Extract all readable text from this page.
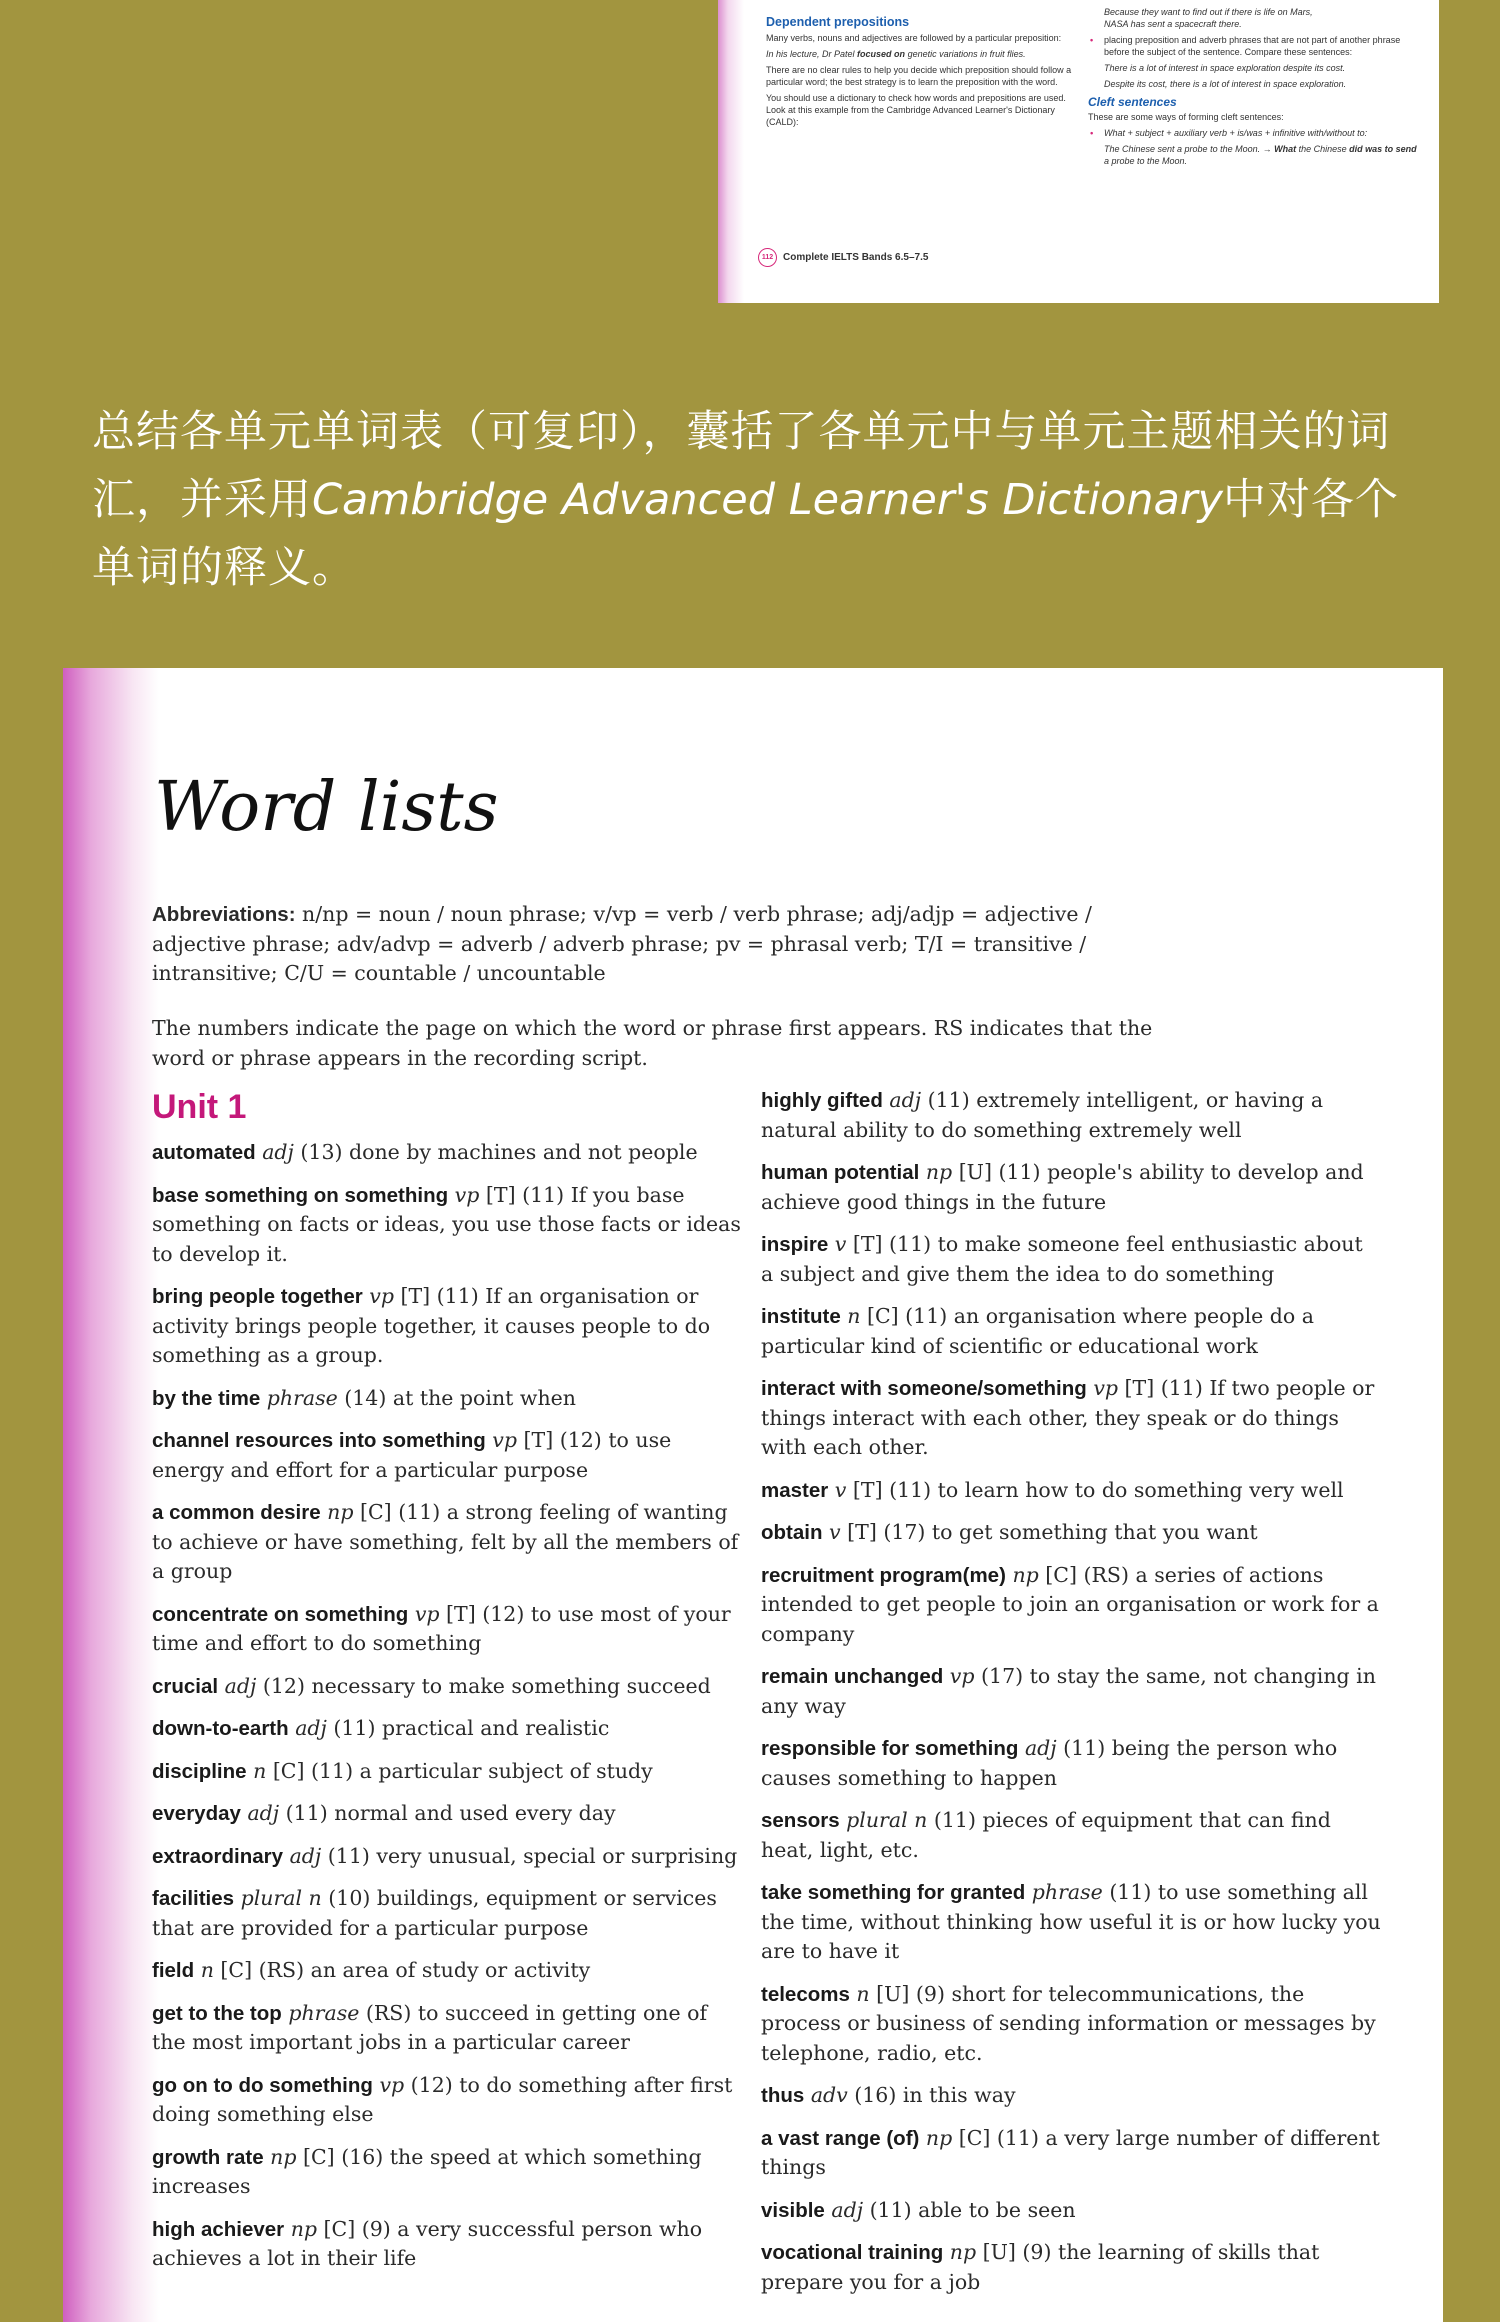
Dependent prepositions

Many verbs, nouns and adjectives are followed by a particular preposition:

In his lecture, Dr Patel focused on genetic variations in fruit flies.

There are no clear rules to help you decide which preposition should follow a particular word; the best strategy is to learn the preposition with the word.

You should use a dictionary to check how words and prepositions are used. Look at this example from the Cambridge Advanced Learner's Dictionary (CALD):

Because they want to find out if there is life on Mars,

NASA has sent a spacecraft there.

• placing preposition and adverb phrases that are not part of another phrase before the subject of the sentence. Compare these sentences:

There is a lot of interest in space exploration despite its cost.

Despite its cost, there is a lot of interest in space exploration.

Cleft sentences

These are some ways of forming cleft sentences:

• What + subject + auxiliary verb + is/was + infinitive with/without to:

The Chinese sent a probe to the Moon. → What the Chinese did was to send a probe to the Moon.

112 Complete IELTS Bands 6.5–7.5
总结各单元单词表（可复印），囊括了各单元中与单元主题相关的词汇，并采用Cambridge Advanced Learner's Dictionary中对各个单词的释义。
Word lists

Abbreviations: n/np = noun / noun phrase; v/vp = verb / verb phrase; adj/adjp = adjective / adjective phrase; adv/advp = adverb / adverb phrase; pv = phrasal verb; T/I = transitive / intransitive; C/U = countable / uncountable

The numbers indicate the page on which the word or phrase first appears. RS indicates that the word or phrase appears in the recording script.

Unit 1

automated adj (13) done by machines and not people

base something on something vp [T] (11) If you base something on facts or ideas, you use those facts or ideas to develop it.

bring people together vp [T] (11) If an organisation or activity brings people together, it causes people to do something as a group.

by the time phrase (14) at the point when

channel resources into something vp [T] (12) to use energy and effort for a particular purpose

a common desire np [C] (11) a strong feeling of wanting to achieve or have something, felt by all the members of a group

concentrate on something vp [T] (12) to use most of your time and effort to do something

crucial adj (12) necessary to make something succeed

down-to-earth adj (11) practical and realistic

discipline n [C] (11) a particular subject of study

everyday adj (11) normal and used every day

extraordinary adj (11) very unusual, special or surprising

facilities plural n (10) buildings, equipment or services that are provided for a particular purpose

field n [C] (RS) an area of study or activity

get to the top phrase (RS) to succeed in getting one of the most important jobs in a particular career

go on to do something vp (12) to do something after first doing something else

growth rate np [C] (16) the speed at which something increases

high achiever np [C] (9) a very successful person who achieves a lot in their life

highly gifted adj (11) extremely intelligent, or having a natural ability to do something extremely well

human potential np [U] (11) people's ability to develop and achieve good things in the future

inspire v [T] (11) to make someone feel enthusiastic about a subject and give them the idea to do something

institute n [C] (11) an organisation where people do a particular kind of scientific or educational work

interact with someone/something vp [T] (11) If two people or things interact with each other, they speak or do things with each other.

master v [T] (11) to learn how to do something very well

obtain v [T] (17) to get something that you want

recruitment program(me) np [C] (RS) a series of actions intended to get people to join an organisation or work for a company

remain unchanged vp (17) to stay the same, not changing in any way

responsible for something adj (11) being the person who causes something to happen

sensors plural n (11) pieces of equipment that can find heat, light, etc.

take something for granted phrase (11) to use something all the time, without thinking how useful it is or how lucky you are to have it

telecoms n [U] (9) short for telecommunications, the process or business of sending information or messages by telephone, radio, etc.

thus adv (16) in this way

a vast range (of) np [C] (11) a very large number of different things

visible adj (11) able to be seen

vocational training np [U] (9) the learning of skills that prepare you for a job
